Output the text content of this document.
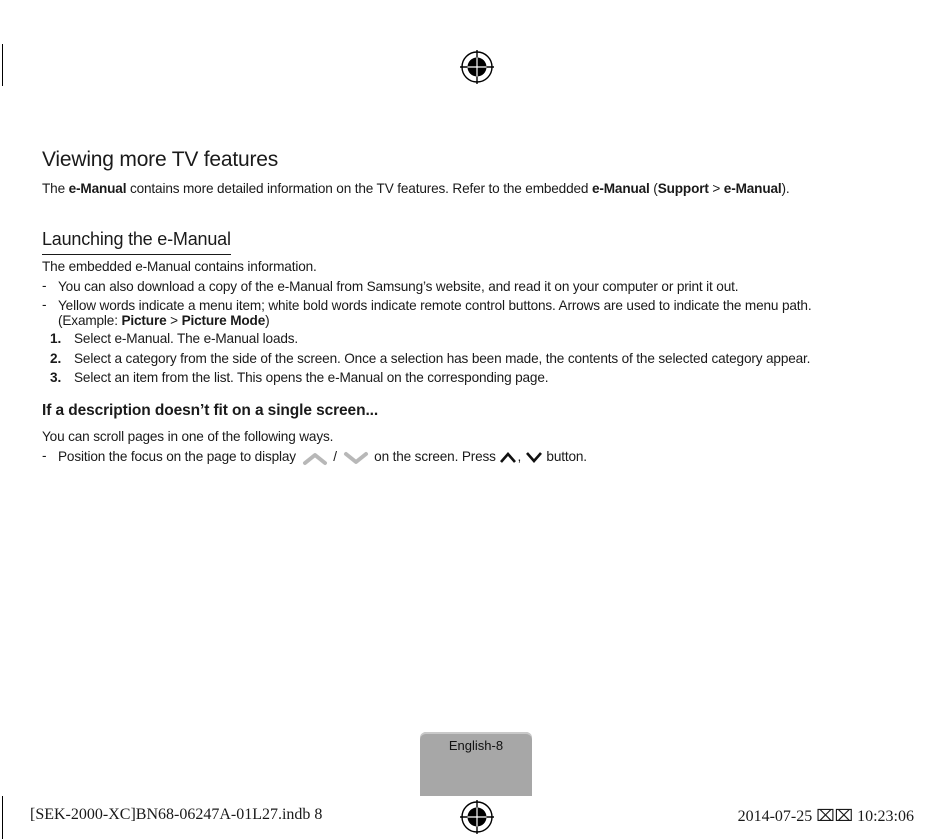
Viewing more TV features
The e-Manual contains more detailed information on the TV features. Refer to the embedded e-Manual (Support > e-Manual).
Launching the e-Manual
The embedded e-Manual contains information.
- You can also download a copy of the e-Manual from Samsung’s website, and read it on your computer or print it out.
- Yellow words indicate a menu item; white bold words indicate remote control buttons. Arrows are used to indicate the menu path.
(Example: Picture > Picture Mode)
1. Select e-Manual. The e-Manual loads.
2. Select a category from the side of the screen. Once a selection has been made, the contents of the selected category appear.
3. Select an item from the list. This opens the e-Manual on the corresponding page.
If a description doesn’t fit on a single screen...
You can scroll pages in one of the following ways.
- Position the focus on the page to display	/	on the screen. Press , button.
English-8
[SEK-2000-XC]BN68-06247A-01L27.indb 8	2014-07-25 ⌧⌧ 10:23:06
